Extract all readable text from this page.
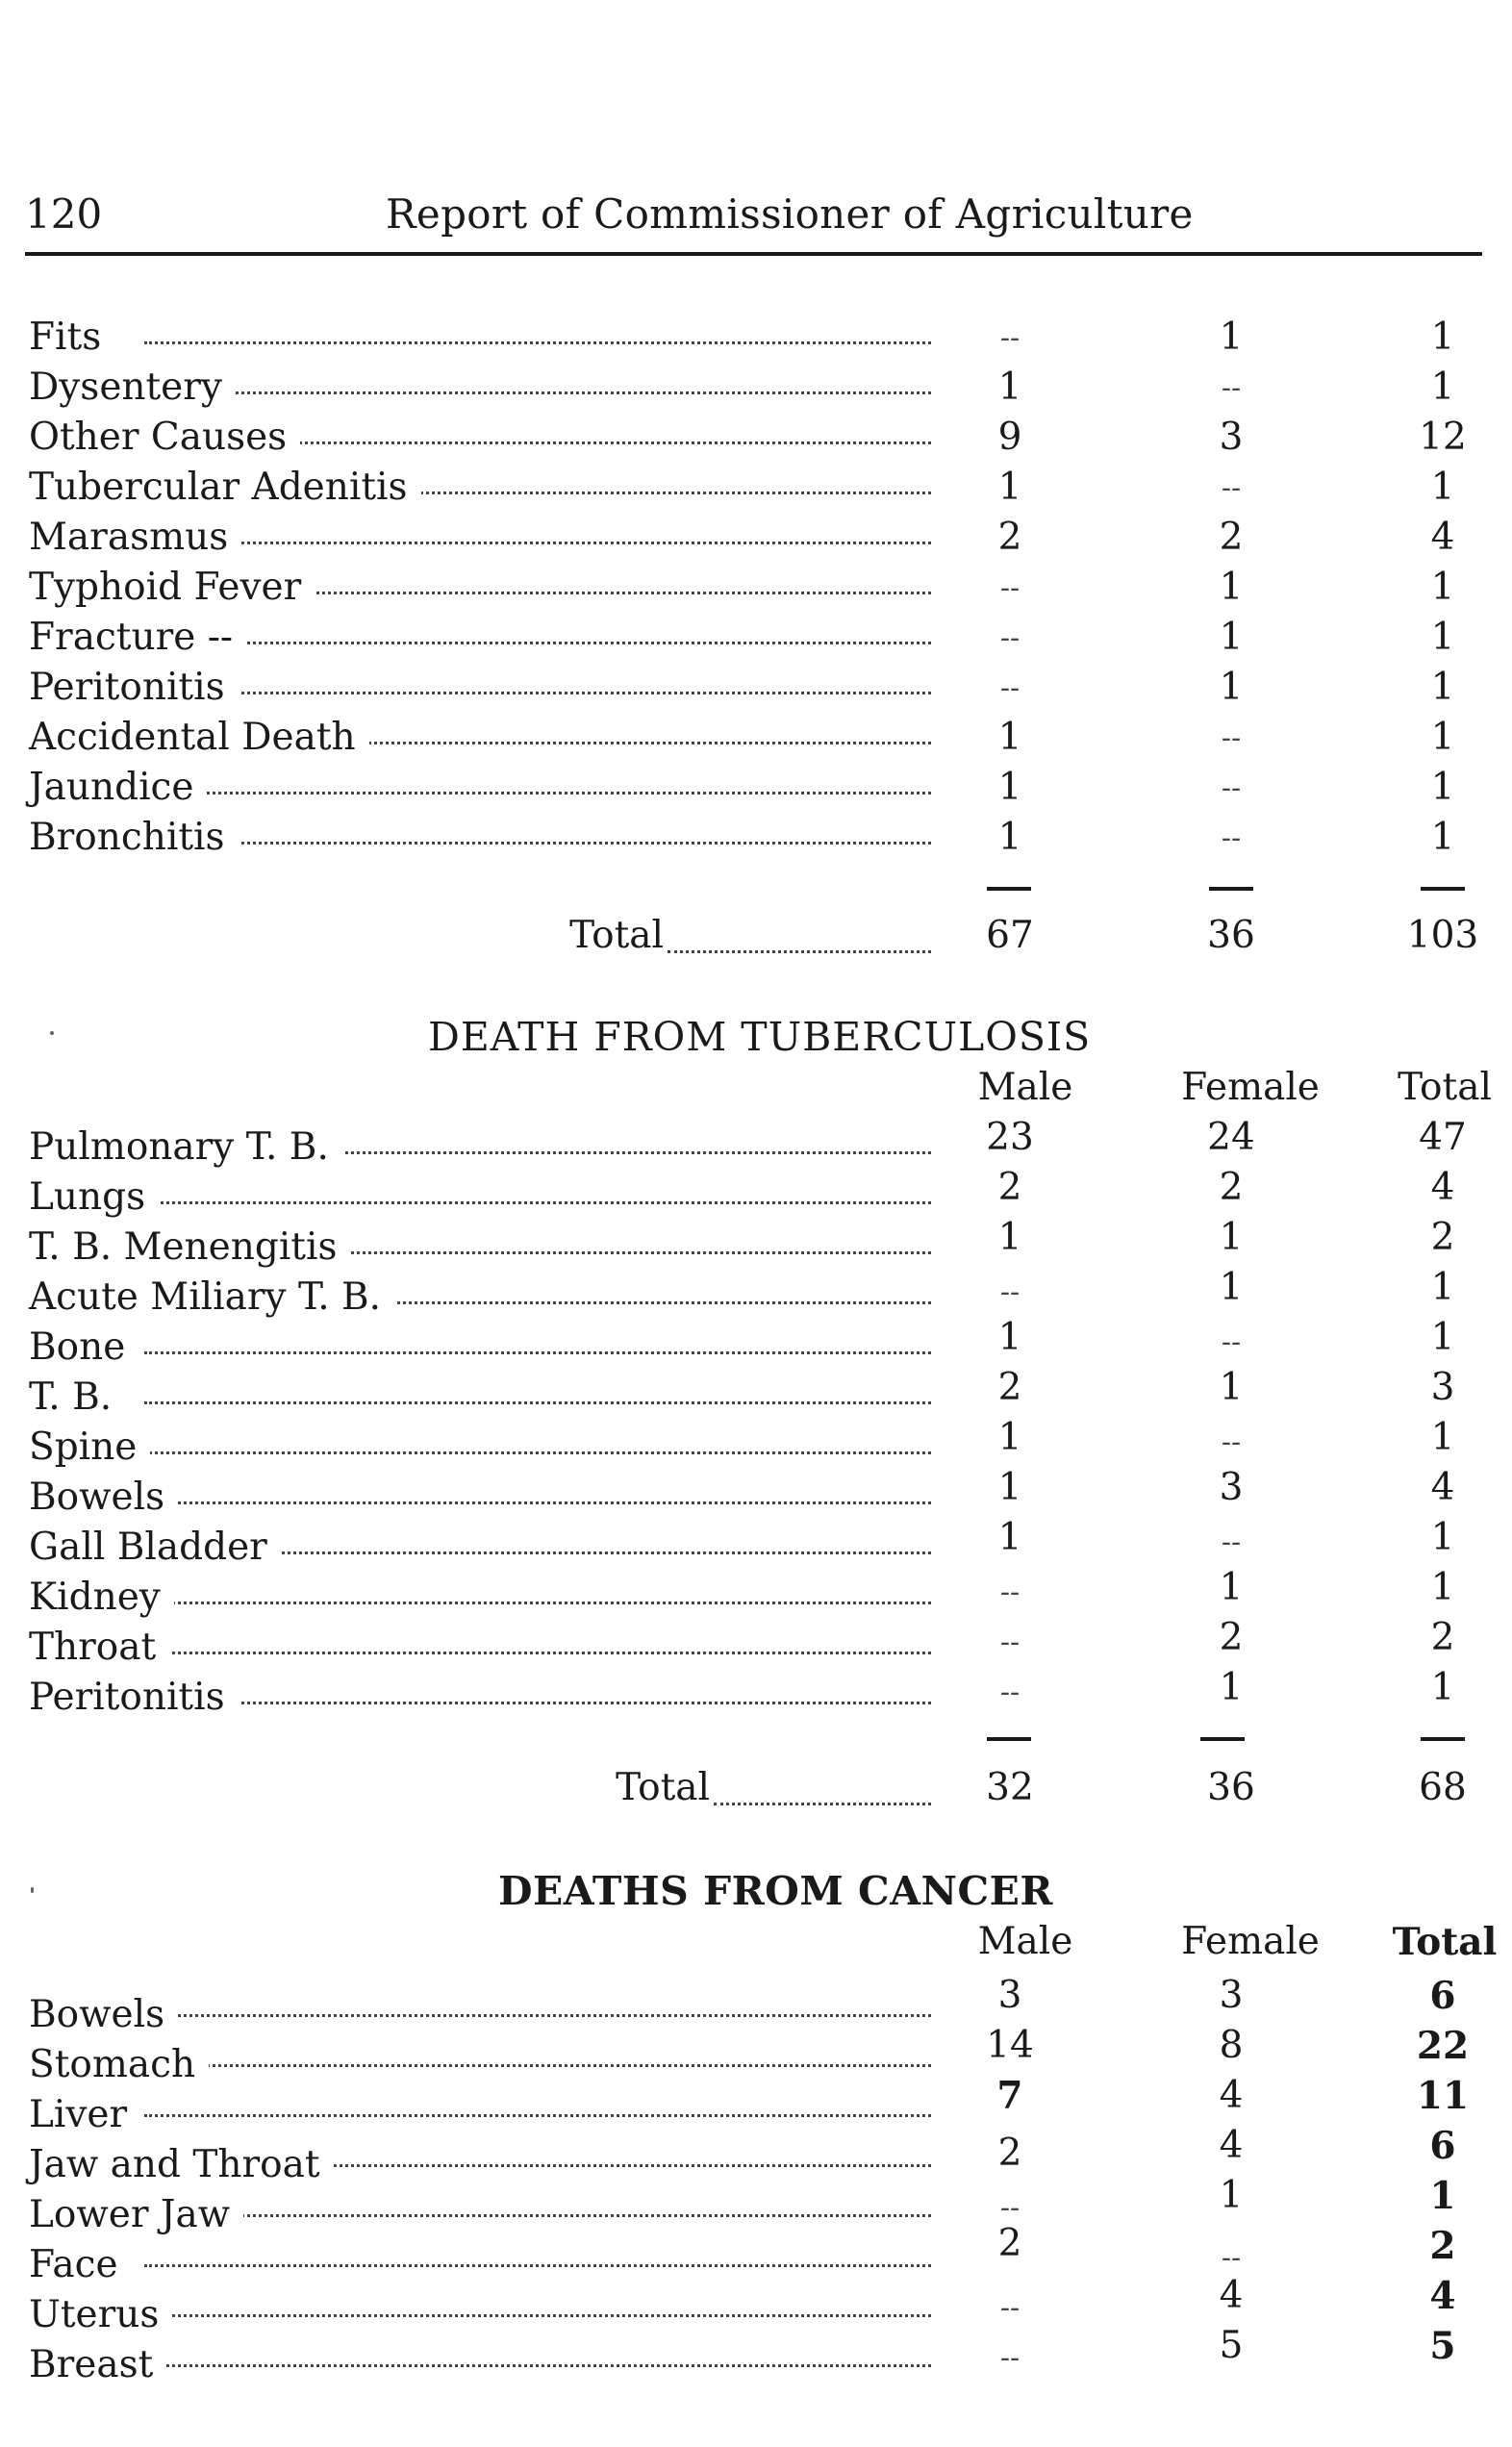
120	Report of Commissioner of Agriculture
Fits	--	1	1
Dysentery	1	--	1
Other Causes	9	3	12
Tubercular Adenitis	1	--	1
Marasmus	2	2	4
Typhoid Fever	--	1	1
Fracture --	--	1	1
Peritonitis	--	1	1
Accidental Death	1	--	1
Jaundice	1	--	1
Bronchitis	1	--	1
Total	67	36	103
DEATH FROM TUBERCULOSIS
Male	Female	Total
Pulmonary T. B.	23	24	47
Lungs	2	2	4
T. B. Menengitis	1	1	2
Acute Miliary T. B.	--	1	1
Bone	1	--	1
T. B.	2	1	3
Spine	1	--	1
Bowels	1	3	4
Gall Bladder	1	--	1
Kidney	--	1	1
Throat	--	2	2
Peritonitis	--	1	1
Total	32	36	68
DEATHS FROM CANCER
Male	Female	Total
Bowels	3	3	6
Stomach	14	8	22
Liver	7	4	11
Jaw and Throat	2	4	6
Lower Jaw	--	1	1
Face	2	--	2
Uterus	--	4	4
Breast	--	5	5
